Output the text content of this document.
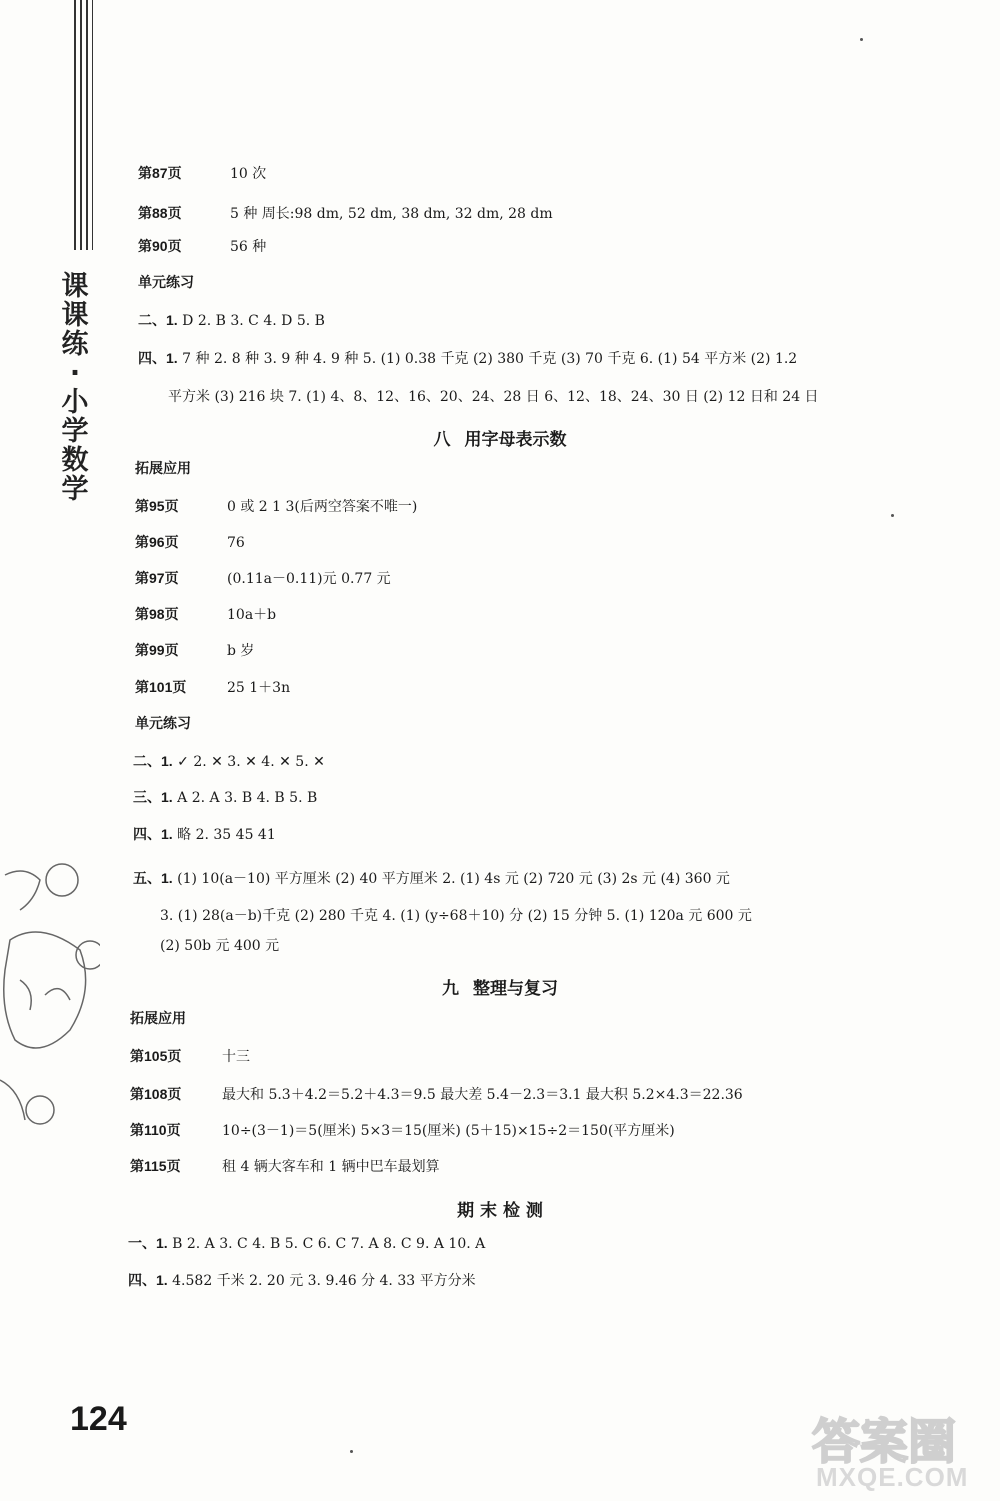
课
课
练
·
小
学
数
学
第87页	10 次
第88页	5 种 周长:98 dm, 52 dm, 38 dm, 32 dm, 28 dm
第90页	56 种
单元练习
二、1. D 2. B 3. C 4. D 5. B
四、1. 7 种 2. 8 种 3. 9 种 4. 9 种 5. (1) 0.38 千克 (2) 380 千克 (3) 70 千克 6. (1) 54 平方米 (2) 1.2
平方米 (3) 216 块 7. (1) 4、8、12、16、20、24、28 日 6、12、18、24、30 日 (2) 12 日和 24 日
八 用字母表示数
拓展应用
第95页	0 或 2 1 3(后两空答案不唯一)
第96页	76
第97页	(0.11a－0.11)元 0.77 元
第98页	10a＋b
第99页	b 岁
第101页	25 1＋3n
单元练习
二、1. ✓ 2. ✕ 3. ✕ 4. ✕ 5. ✕
三、1. A 2. A 3. B 4. B 5. B
四、1. 略 2. 35 45 41
五、1. (1) 10(a－10) 平方厘米 (2) 40 平方厘米 2. (1) 4s 元 (2) 720 元 (3) 2s 元 (4) 360 元
3. (1) 28(a－b)千克 (2) 280 千克 4. (1) (y÷68＋10) 分 (2) 15 分钟 5. (1) 120a 元 600 元
(2) 50b 元 400 元
九 整理与复习
拓展应用
第105页	十三
第108页	最大和 5.3＋4.2＝5.2＋4.3＝9.5 最大差 5.4－2.3＝3.1 最大积 5.2×4.3＝22.36
第110页	10÷(3－1)＝5(厘米) 5×3＝15(厘米) (5＋15)×15÷2＝150(平方厘米)
第115页	租 4 辆大客车和 1 辆中巴车最划算
期 末 检 测
一、1. B 2. A 3. C 4. B 5. C 6. C 7. A 8. C 9. A 10. A
四、1. 4.582 千米 2. 20 元 3. 9.46 分 4. 33 平方分米
124	答案圈
MXQE.COM
